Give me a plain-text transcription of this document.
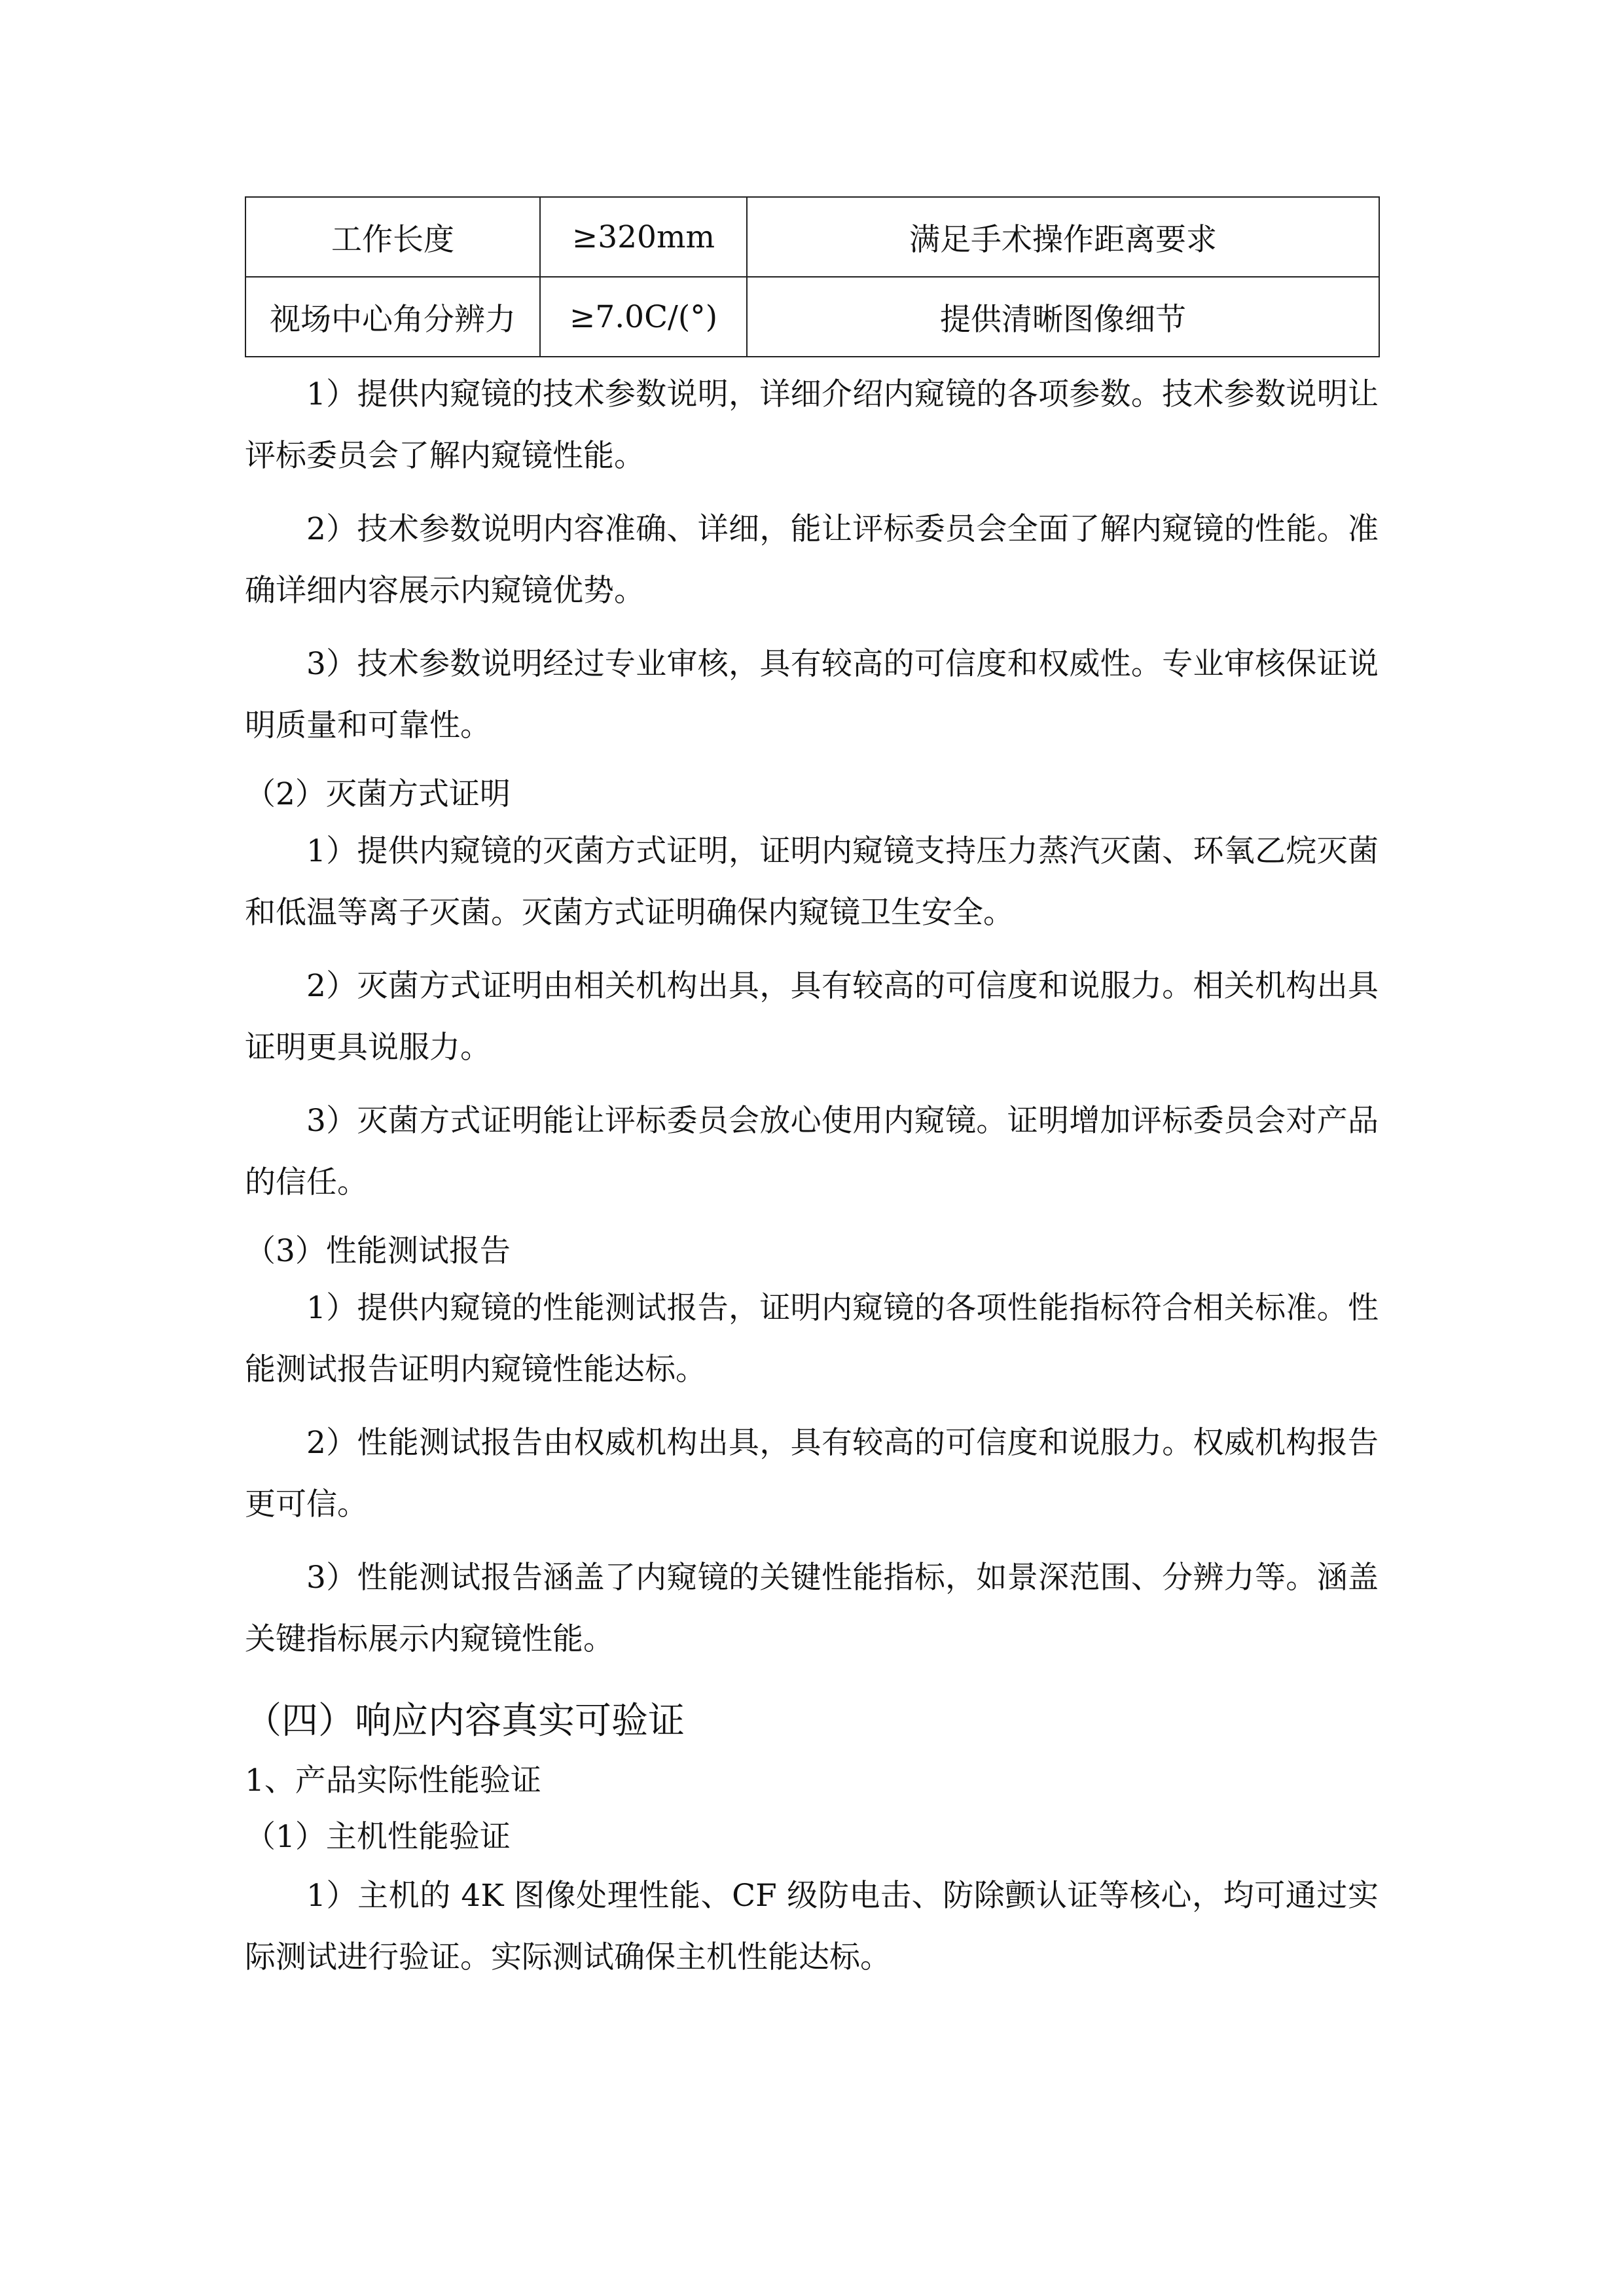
工作长度	≥320mm	满足手术操作距离要求
视场中心角分辨力	≥7.0C/(°)	提供清晰图像细节

1）提供内窥镜的技术参数说明，详细介绍内窥镜的各项参数。技术参数说明让评标委员会了解内窥镜性能。

2）技术参数说明内容准确、详细，能让评标委员会全面了解内窥镜的性能。准确详细内容展示内窥镜优势。

3）技术参数说明经过专业审核，具有较高的可信度和权威性。专业审核保证说明质量和可靠性。

（2）灭菌方式证明

1）提供内窥镜的灭菌方式证明，证明内窥镜支持压力蒸汽灭菌、环氧乙烷灭菌和低温等离子灭菌。灭菌方式证明确保内窥镜卫生安全。

2）灭菌方式证明由相关机构出具，具有较高的可信度和说服力。相关机构出具证明更具说服力。

3）灭菌方式证明能让评标委员会放心使用内窥镜。证明增加评标委员会对产品的信任。

（3）性能测试报告

1）提供内窥镜的性能测试报告，证明内窥镜的各项性能指标符合相关标准。性能测试报告证明内窥镜性能达标。

2）性能测试报告由权威机构出具，具有较高的可信度和说服力。权威机构报告更可信。

3）性能测试报告涵盖了内窥镜的关键性能指标，如景深范围、分辨力等。涵盖关键指标展示内窥镜性能。

（四）响应内容真实可验证

1、产品实际性能验证

（1）主机性能验证

1）主机的 4K 图像处理性能、CF 级防电击、防除颤认证等核心，均可通过实际测试进行验证。实际测试确保主机性能达标。
